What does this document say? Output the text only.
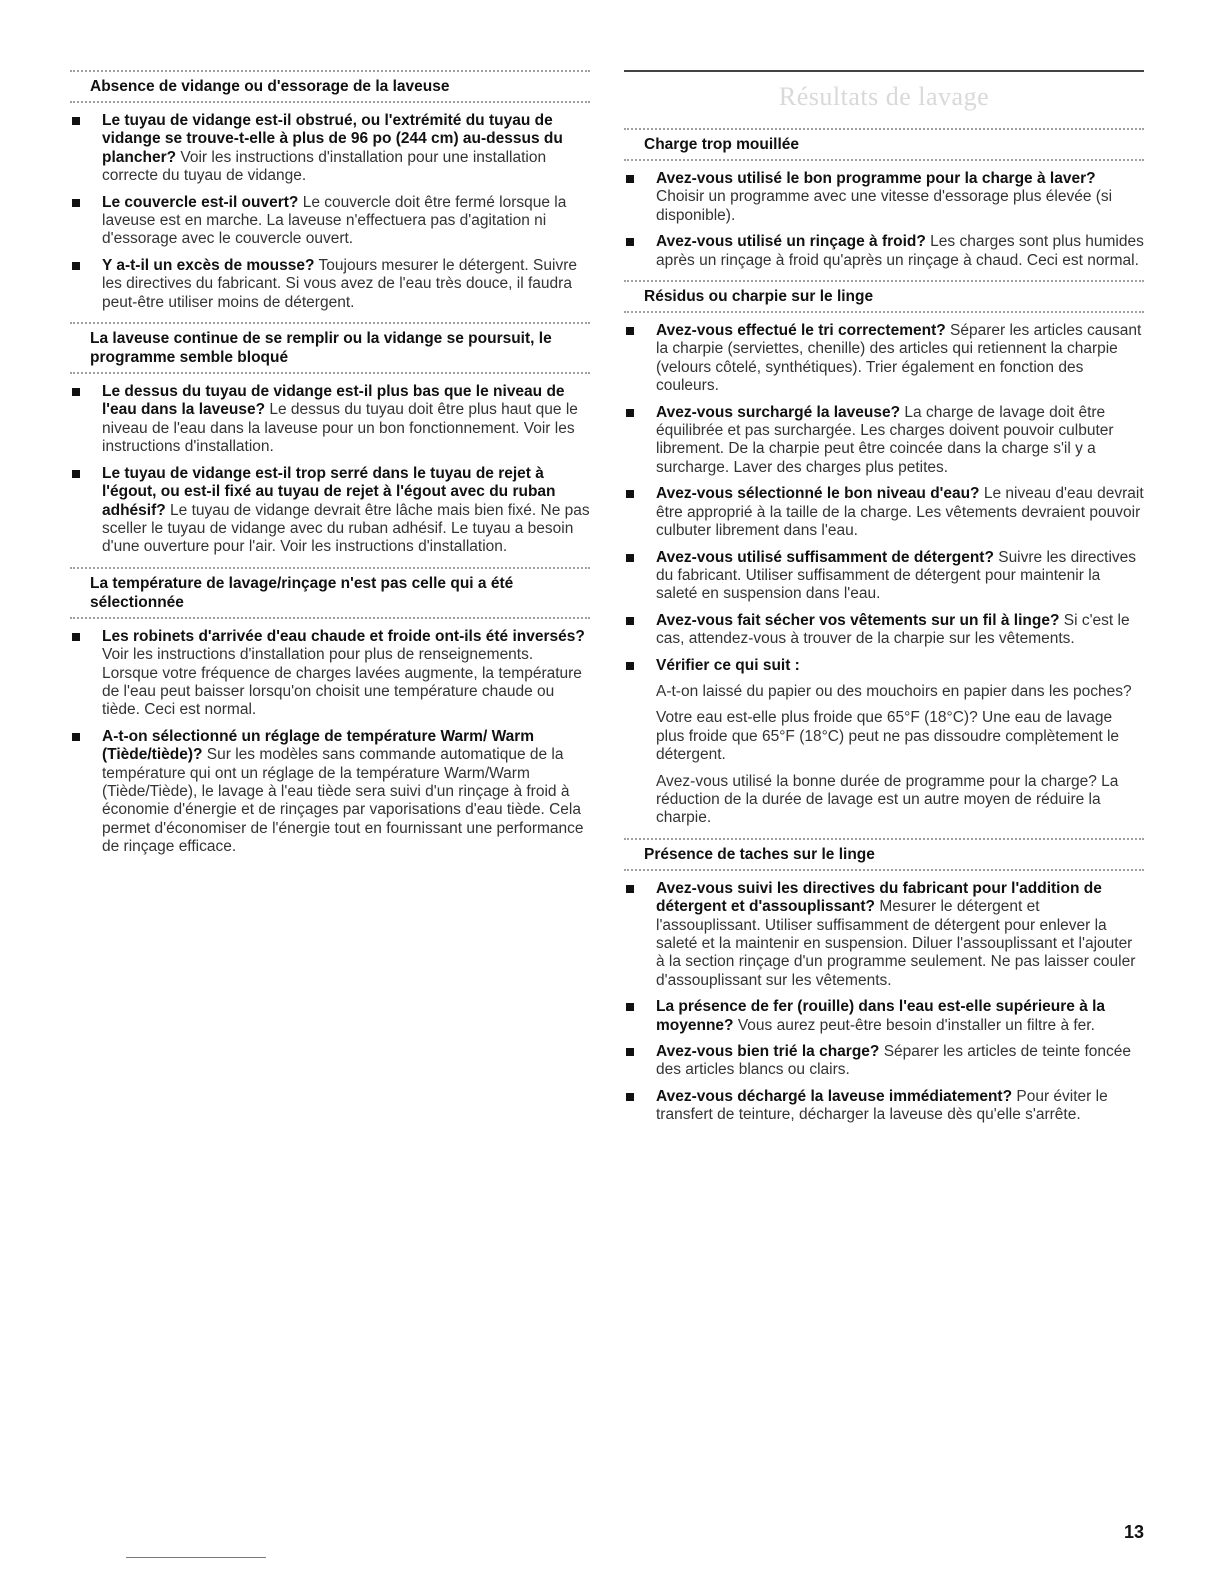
Absence de vidange ou d'essorage de la laveuse
Le tuyau de vidange est-il obstrué, ou l'extrémité du tuyau de vidange se trouve-t-elle à plus de 96 po (244 cm) au-dessus du plancher? Voir les instructions d'installation pour une installation correcte du tuyau de vidange.
Le couvercle est-il ouvert? Le couvercle doit être fermé lorsque la laveuse est en marche. La laveuse n'effectuera pas d'agitation ni d'essorage avec le couvercle ouvert.
Y a-t-il un excès de mousse? Toujours mesurer le détergent. Suivre les directives du fabricant. Si vous avez de l'eau très douce, il faudra peut-être utiliser moins de détergent.
La laveuse continue de se remplir ou la vidange se poursuit, le programme semble bloqué
Le dessus du tuyau de vidange est-il plus bas que le niveau de l'eau dans la laveuse? Le dessus du tuyau doit être plus haut que le niveau de l'eau dans la laveuse pour un bon fonctionnement. Voir les instructions d'installation.
Le tuyau de vidange est-il trop serré dans le tuyau de rejet à l'égout, ou est-il fixé au tuyau de rejet à l'égout avec du ruban adhésif? Le tuyau de vidange devrait être lâche mais bien fixé. Ne pas sceller le tuyau de vidange avec du ruban adhésif. Le tuyau a besoin d'une ouverture pour l'air. Voir les instructions d'installation.
La température de lavage/rinçage n'est pas celle qui a été sélectionnée
Les robinets d'arrivée d'eau chaude et froide ont-ils été inversés? Voir les instructions d'installation pour plus de renseignements. Lorsque votre fréquence de charges lavées augmente, la température de l'eau peut baisser lorsqu'on choisit une température chaude ou tiède. Ceci est normal.
A-t-on sélectionné un réglage de température Warm/ Warm (Tiède/tiède)? Sur les modèles sans commande automatique de la température qui ont un réglage de la température Warm/Warm (Tiède/Tiède), le lavage à l'eau tiède sera suivi d'un rinçage à froid à économie d'énergie et de rinçages par vaporisations d'eau tiède. Cela permet d'économiser de l'énergie tout en fournissant une performance de rinçage efficace.
Résultats de lavage
Charge trop mouillée
Avez-vous utilisé le bon programme pour la charge à laver? Choisir un programme avec une vitesse d'essorage plus élevée (si disponible).
Avez-vous utilisé un rinçage à froid? Les charges sont plus humides après un rinçage à froid qu'après un rinçage à chaud. Ceci est normal.
Résidus ou charpie sur le linge
Avez-vous effectué le tri correctement? Séparer les articles causant la charpie (serviettes, chenille) des articles qui retiennent la charpie (velours côtelé, synthétiques). Trier également en fonction des couleurs.
Avez-vous surchargé la laveuse? La charge de lavage doit être équilibrée et pas surchargée. Les charges doivent pouvoir culbuter librement. De la charpie peut être coincée dans la charge s'il y a surcharge. Laver des charges plus petites.
Avez-vous sélectionné le bon niveau d'eau? Le niveau d'eau devrait être approprié à la taille de la charge. Les vêtements devraient pouvoir culbuter librement dans l'eau.
Avez-vous utilisé suffisamment de détergent? Suivre les directives du fabricant. Utiliser suffisamment de détergent pour maintenir la saleté en suspension dans l'eau.
Avez-vous fait sécher vos vêtements sur un fil à linge? Si c'est le cas, attendez-vous à trouver de la charpie sur les vêtements.
Vérifier ce qui suit :

A-t-on laissé du papier ou des mouchoirs en papier dans les poches?

Votre eau est-elle plus froide que 65°F (18°C)? Une eau de lavage plus froide que 65°F (18°C) peut ne pas dissoudre complètement le détergent.

Avez-vous utilisé la bonne durée de programme pour la charge? La réduction de la durée de lavage est un autre moyen de réduire la charpie.

Présence de taches sur le linge
Avez-vous suivi les directives du fabricant pour l'addition de détergent et d'assouplissant? Mesurer le détergent et l'assouplissant. Utiliser suffisamment de détergent pour enlever la saleté et la maintenir en suspension. Diluer l'assouplissant et l'ajouter à la section rinçage d'un programme seulement. Ne pas laisser couler d'assouplissant sur les vêtements.
La présence de fer (rouille) dans l'eau est-elle supérieure à la moyenne? Vous aurez peut-être besoin d'installer un filtre à fer.
Avez-vous bien trié la charge? Séparer les articles de teinte foncée des articles blancs ou clairs.
Avez-vous déchargé la laveuse immédiatement? Pour éviter le transfert de teinture, décharger la laveuse dès qu'elle s'arrête.
13
